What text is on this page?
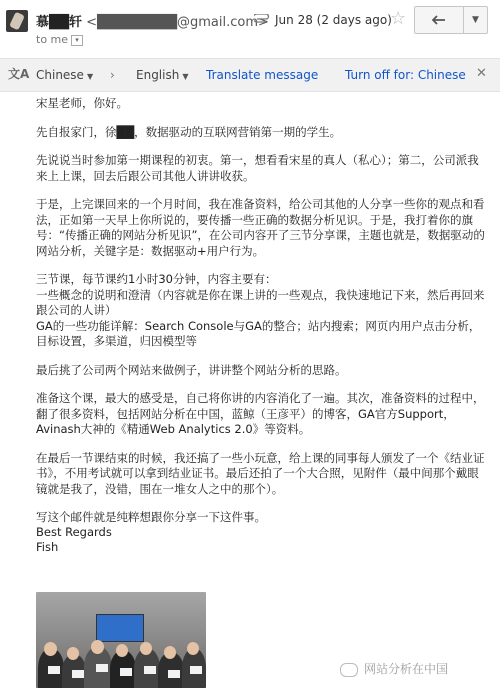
慕██轩 <████████@gmail.com>
to me ▾
Jun 28 (2 days ago)
☆	▼
文A Chinese ▼ › English ▼ Translate message Turn off for: Chinese ✕

宋星老师，你好。

先自报家门，徐██，数据驱动的互联网营销第一期的学生。

先说说当时参加第一期课程的初衷。第一，想看看宋星的真人（私心）；第二，公司派我来上上课，回去后跟公司其他人讲讲收获。

于是，上完课回来的一个月时间，我在准备资料，给公司其他的人分享一些你的观点和看法，正如第一天早上你所说的，要传播一些正确的数据分析见识。于是，我打着你的旗号：“传播正确的网站分析见识”，在公司内容开了三节分享课，主题也就是，数据驱动的网站分析，关键字是：数据驱动+用户行为。

三节课，每节课约1小时30分钟，内容主要有：
一些概念的说明和澄清（内容就是你在课上讲的一些观点，我快速地记下来，然后再回来跟公司的人讲）
GA的一些功能详解：Search Console与GA的整合；站内搜索；网页内用户点击分析，目标设置，多渠道，归因模型等

最后挑了公司两个网站来做例子，讲讲整个网站分析的思路。

准备这个课，最大的感受是，自己将你讲的内容消化了一遍。其次，准备资料的过程中，翻了很多资料，包括网站分析在中国，蓝鲸（王彦平）的博客，GA官方Support，Avinash大神的《精通Web Analytics 2.0》等资料。

在最后一节课结束的时候，我还搞了一些小玩意，给上课的同事每人颁发了一个《结业证书》，不用考试就可以拿到结业证书。最后还拍了一个大合照，见附件（最中间那个戴眼镜就是我了，没错，围在一堆女人之中的那个）。

写这个邮件就是纯粹想跟你分享一下这件事。

Best Regards
Fish
网站分析在中国
